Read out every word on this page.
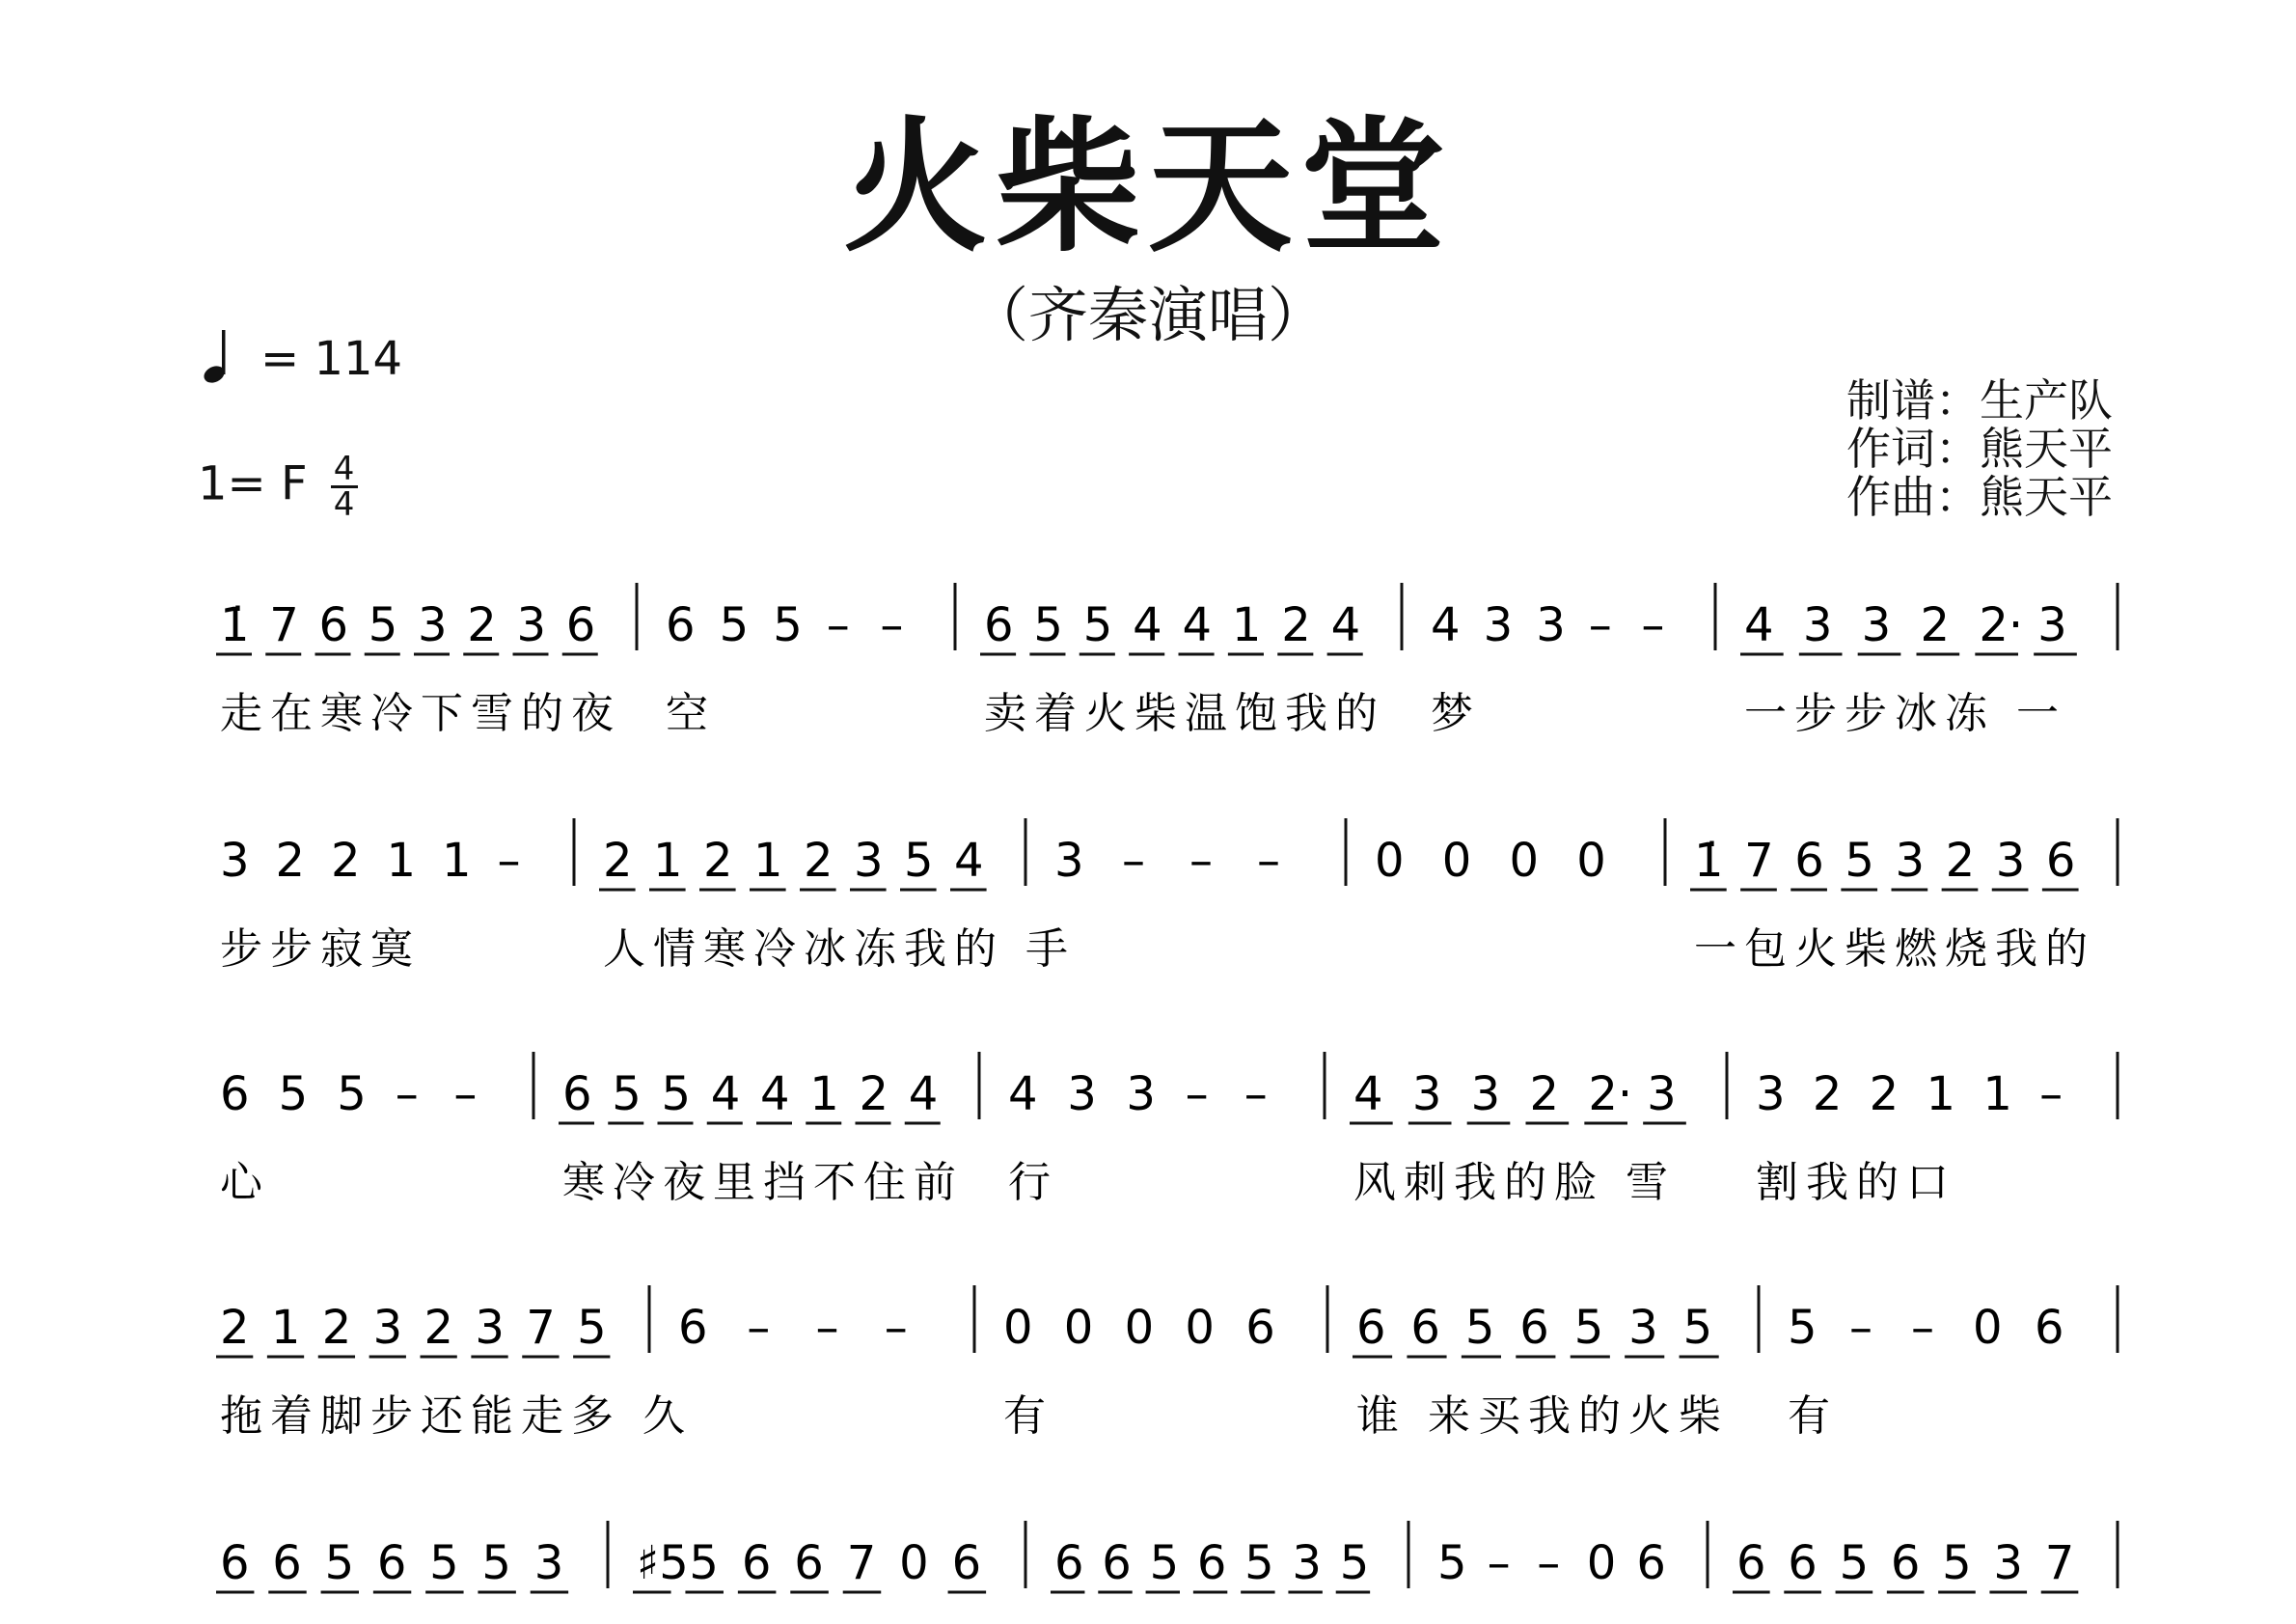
火柴天堂
（齐秦演唱）
= 114
1= F $\frac{4}{4}$
制谱：生产队
作词：熊天平
作曲：熊天平
1̇ 7 6 5 3 2 3 6
走在寒冷下雪的夜
6 5 5 – –
空
6 5 5 4 4 1 2 4
卖着火柴温饱我的
4 3 3 – –
梦
4 3 3 2 2· 3
一步步冰冻 一
3 2 2 1 1 –
步步寂寞
2 1 2 1 2 3 5 4
人情寒冷冰冻我的 手
3 – – – 0 0 0 0 1̇ 7 6 5 3 2 3 6
一包火柴燃烧我的
6 5 5 – –
心
6 5 5 4 4 1 2 4
寒冷夜里挡不住前
4 3 3 – –
行
4 3 3 2 2· 3
风刺我的脸 雪
3 2 2 1 1 –
割我的口
2 1 2 3 2 3 7 5
拖着脚步还能走多 久
6 – – – 0 0 0 0 6
有
6 6 5 6 5 3 5
谁 来买我的火柴
5 – – 0 6
有
6 6 5 6 5 5 3 ♯5 5 6 6 7 0 6 6 6 5 6 5 3 5 5 – – 0 6 6 6 5 6 5 3 7
